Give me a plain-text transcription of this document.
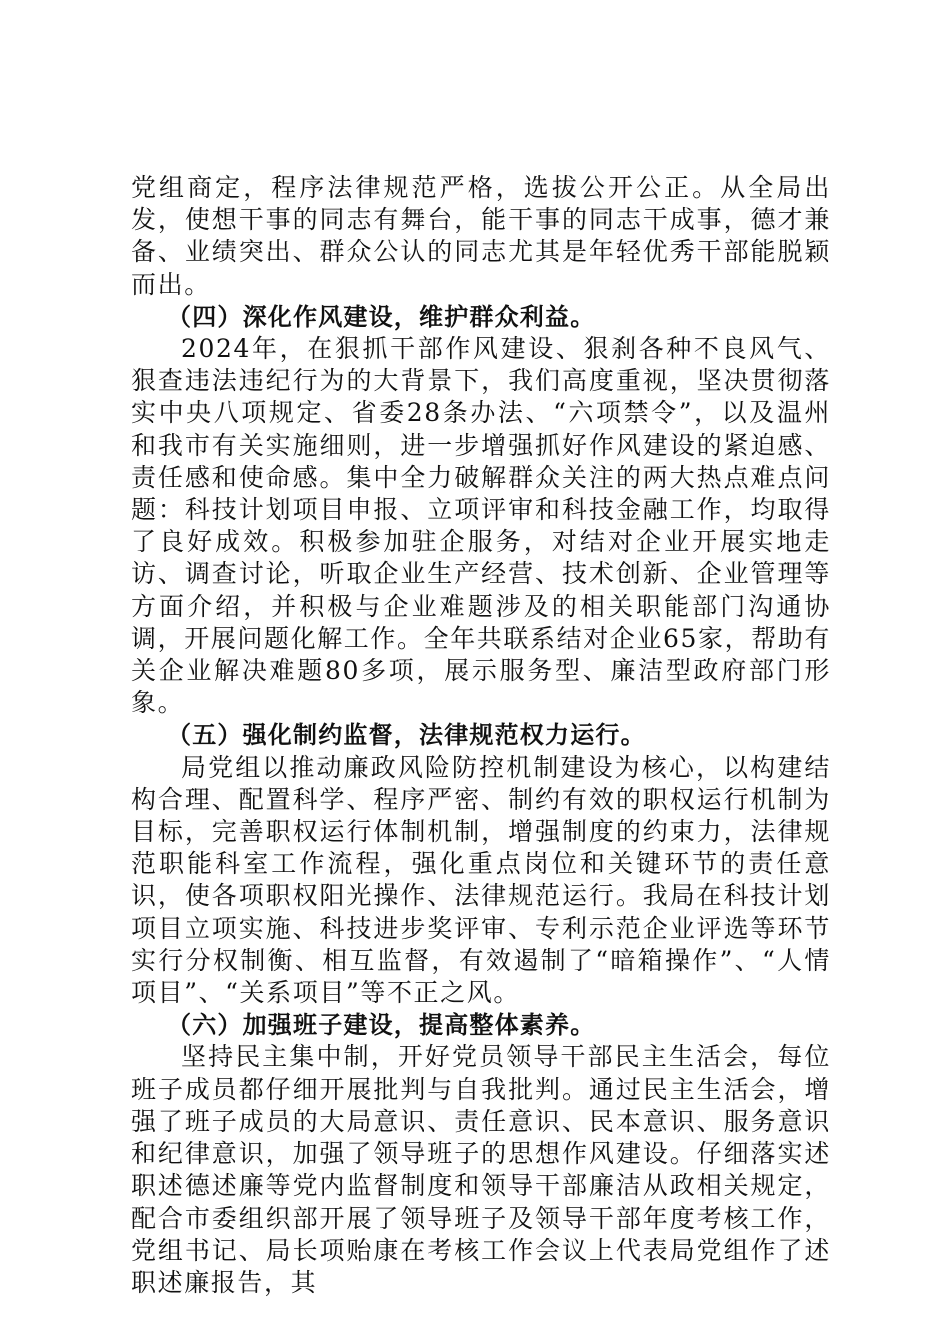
党组商定，程序法律规范严格，选拔公开公正。从全局出发，使想干事的同志有舞台，能干事的同志干成事，德才兼备、业绩突出、群众公认的同志尤其是年轻优秀干部能脱颖而出。

（四）深化作风建设，维护群众利益。

2024年，在狠抓干部作风建设、狠刹各种不良风气、狠查违法违纪行为的大背景下，我们高度重视，坚决贯彻落实中央八项规定、省委28条办法、“六项禁令”，以及温州和我市有关实施细则，进一步增强抓好作风建设的紧迫感、责任感和使命感。集中全力破解群众关注的两大热点难点问题：科技计划项目申报、立项评审和科技金融工作，均取得了良好成效。积极参加驻企服务，对结对企业开展实地走访、调查讨论，听取企业生产经营、技术创新、企业管理等方面介绍，并积极与企业难题涉及的相关职能部门沟通协调，开展问题化解工作。全年共联系结对企业65家，帮助有关企业解决难题80多项，展示服务型、廉洁型政府部门形象。

（五）强化制约监督，法律规范权力运行。

局党组以推动廉政风险防控机制建设为核心，以构建结构合理、配置科学、程序严密、制约有效的职权运行机制为目标，完善职权运行体制机制，增强制度的约束力，法律规范职能科室工作流程，强化重点岗位和关键环节的责任意识，使各项职权阳光操作、法律规范运行。我局在科技计划项目立项实施、科技进步奖评审、专利示范企业评选等环节实行分权制衡、相互监督，有效遏制了“暗箱操作”、“人情项目”、“关系项目”等不正之风。

（六）加强班子建设，提高整体素养。

坚持民主集中制，开好党员领导干部民主生活会，每位班子成员都仔细开展批判与自我批判。通过民主生活会，增强了班子成员的大局意识、责任意识、民本意识、服务意识和纪律意识，加强了领导班子的思想作风建设。仔细落实述职述德述廉等党内监督制度和领导干部廉洁从政相关规定，配合市委组织部开展了领导班子及领导干部年度考核工作，党组书记、局长项贻康在考核工作会议上代表局党组作了述职述廉报告，其
